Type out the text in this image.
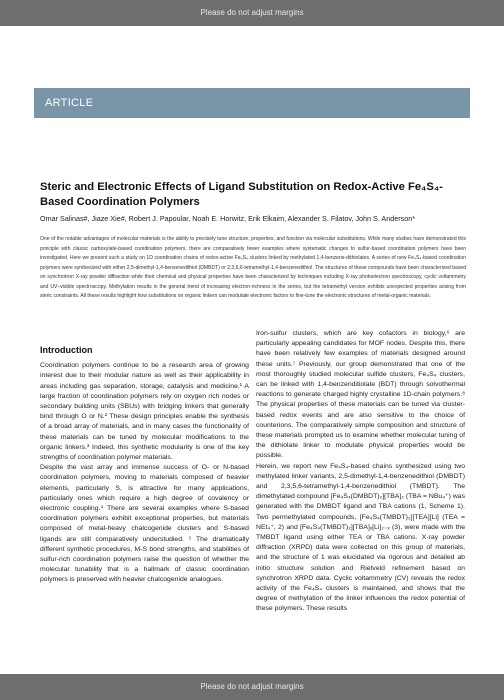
Please do not adjust margins
ARTICLE
Steric and Electronic Effects of Ligand Substitution on Redox-Active Fe₄S₄-Based Coordination Polymers
Omar Salinas#, Jiaze Xie#, Robert J. Papoular, Noah E. Horwitz, Erik Elkaim, Alexander S. Filatov, John S. Anderson*
One of the notable advantages of molecular materials is the ability to precisely tune structure, properties, and function via molecular substitutions. While many studies have demonstrated this principle with classic carboxylate-based coordination polymers, there are comparatively fewer examples where systematic changes to sulfur-based coordination polymers have been investigated. Here we present such a study on 1D coordination chains of redox-active Fe₄S₄ clusters linked by methylated 1,4-benzene-dithiolates. A series of new Fe₄S₄-based coordination polymers were synthesized with either 2,5-dimethyl-1,4-benzenedithiol (DMBDT) or 2,3,5,6-tetramethyl-1,4-benzenedithiol. The structures of these compounds have been characterized based on synchrotron X-ray powder diffraction while their chemical and physical properties have been characterized by techniques including X-ray photoelectron spectroscopy, cyclic voltammetry and UV–visible spectroscopy. Methylation results in the general trend of increasing electron-richness in the series, but the tetramethyl version exhibits unexpected properties arising from steric constraints. All these results highlight how substitutions on organic linkers can modulate electronic factors to fine-tune the electronic structures of metal-organic materials.
Introduction

Coordination polymers continue to be a research area of growing interest due to their modular nature as well as their applicability in areas including gas separation, storage, catalysis and medicine.¹ A large fraction of coordination polymers rely on oxygen rich nodes or secondary building units (SBUs) with bridging linkers that generally bind through O or N.² These design principles enable the synthesis of a broad array of materials, and in many cases the functionality of these materials can be tuned by molecular modifications to the organic linkers.³ Indeed, this synthetic modularity is one of the key strengths of coordination polymer materials.

Despite the vast array and immense success of O- or N-based coordination polymers, moving to materials composed of heavier elements, particularly S, is attractive for many applications, particularly ones which require a high degree of covalency or electronic coupling.⁴ There are several examples where S-based coordination polymers exhibit exceptional properties, but materials composed of metal-heavy chalcogenide clusters and S-based ligands are still comparatively understudied. ⁵ The dramatically different synthetic procedures, M-S bond strengths, and stabilities of sulfur-rich coordination polymers raise the question of whether the molecular tunability that is a hallmark of classic coordination polymers is preserved with heavier chalcogenide analogues.

Iron-sulfur clusters, which are key cofactors in biology,⁶ are particularly appealing candidates for MOF nodes. Despite this, there have been relatively few examples of materials designed around these units.⁷ Previously, our group demonstrated that one of the most thoroughly studied molecular sulfide clusters, Fe₄S₄ clusters, can be linked with 1,4-benzenditiolate (BDT) through solvothermal reactions to generate charged highly crystalline 1D-chain polymers.⁸ The physical properties of these materials can be tuned via cluster-based redox events and are also sensitive to the choice of counterions. The comparatively simple composition and structure of these materials prompted us to examine whether molecular tuning of the dithiolate linker to modulate physical properties would be possible.

Herein, we report new Fe₄S₄-based chains synthesized using two methylated linker variants, 2,5-dimethyl-1,4-benzenedithiol (DMBDT) and 2,3,5,6-tetramethyl-1,4-benzenedithiol (TMBDT). The dimethylated compound [Fe₄S₄(DMBDT)₂][TBA]₂ (TBA = NBu₄⁺) was generated with the DMBDT ligand and TBA cations (1, Scheme 1). Two permethylated compounds, [Fe₄S₄(TMBDT)₂][TEA][Li] (TEA = NEt₄⁺, 2) and [Fe₄S₄(TMBDT)₂][TBA]ₓ[Li]₂₋ₓ (3), were made with the TMBDT ligand using either TEA or TBA cations. X-ray powder diffraction (XRPD) data were collected on this group of materials, and the structure of 1 was elucidated via rigorous and detailed ab initio structure solution and Rietveld refinement based on synchrotron XRPD data. Cyclic voltammetry (CV) reveals the redox activity of the Fe₄S₄ clusters is maintained, and shows that the degree of methylation of the linker influences the redox potential of these polymers. These results

Please do not adjust margins
